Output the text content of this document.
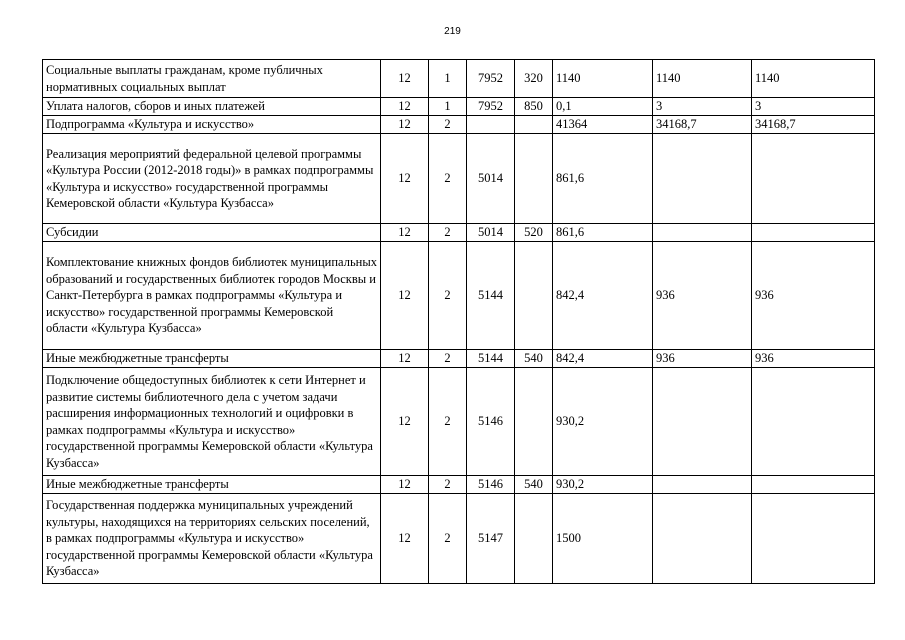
219
Социальные выплаты гражданам, кроме публичных нормативных социальных выплат	12	1	7952	320	1140	1140	1140
Уплата налогов, сборов и иных платежей	12	1	7952	850	0,1	3	3
Подпрограмма «Культура и искусство»	12	2			41364	34168,7	34168,7
Реализация мероприятий федеральной целевой программы «Культура России (2012-2018 годы)» в рамках подпрограммы «Культура и искусство» государственной программы Кемеровской области «Культура Кузбасса»	12	2	5014		861,6		
Субсидии	12	2	5014	520	861,6		
Комплектование книжных фондов библиотек муниципальных образований и государственных библиотек городов Москвы и Санкт-Петербурга в рамках подпрограммы «Культура и искусство» государственной программы Кемеровской области «Культура Кузбасса»	12	2	5144		842,4	936	936
Иные межбюджетные трансферты	12	2	5144	540	842,4	936	936
Подключение общедоступных библиотек к сети Интернет и развитие системы библиотечного дела с учетом задачи расширения информационных технологий и оцифровки в рамках подпрограммы «Культура и искусство» государственной программы Кемеровской области «Культура Кузбасса»	12	2	5146		930,2		
Иные межбюджетные трансферты	12	2	5146	540	930,2		
Государственная поддержка муниципальных учреждений культуры, находящихся на территориях сельских поселений, в рамках подпрограммы «Культура и искусство» государственной программы Кемеровской области «Культура Кузбасса»	12	2	5147		1500		
